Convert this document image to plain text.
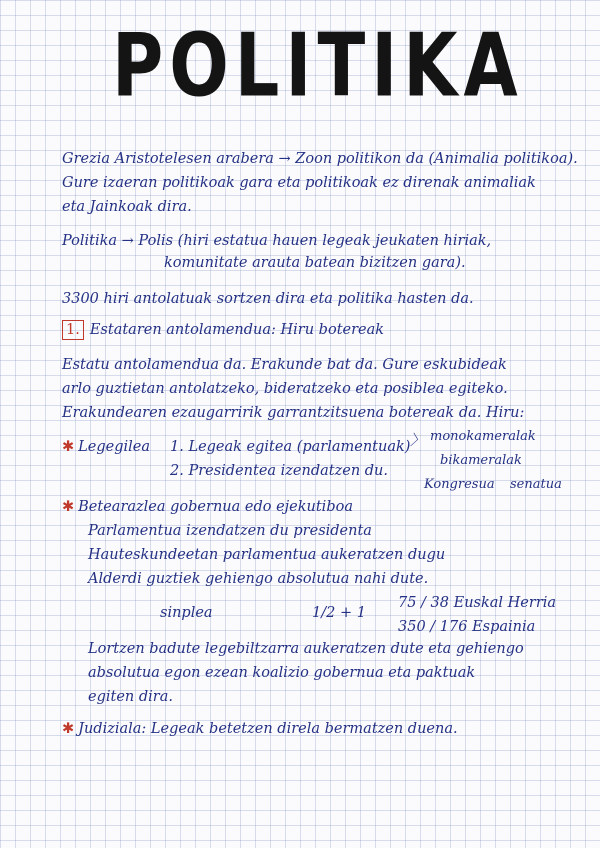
POLITIKA
Grezia Aristotelesen arabera → Zoon politikon da (Animalia politikoa).
Gure izaeran politikoak gara eta politikoak ez direnak animaliak
eta Jainkoak dira.
Politika → Polis (hiri estatua hauen legeak jeukaten hiriak,
komunitate arauta batean bizitzen gara).
3300 hiri antolatuak sortzen dira eta politika hasten da.
1. Estataren antolamendua: Hiru botereak
Estatu antolamendua da. Erakunde bat da. Gure eskubideak
arlo guztietan antolatzeko, bideratzeko eta posiblea egiteko.
Erakundearen ezaugarririk garrantzitsuena botereak da. Hiru:
✱ Legegilea 1. Legeak egitea (parlamentuak)
2. Presidentea izendatzen du.
〉 monokameralak
bikameralak
Kongresua senatua
✱ Betearazlea gobernua edo ejekutiboa
Parlamentua izendatzen du presidenta
Hauteskundeetan parlamentua aukeratzen dugu
Alderdi guztiek gehiengo absolutua nahi dute.
sinplea	1/2 + 1
75 / 38 Euskal Herria
350 / 176 Espainia
Lortzen badute legebiltzarra aukeratzen dute eta gehiengo
absolutua egon ezean koalizio gobernua eta paktuak
egiten dira.
✱ Judiziala: Legeak betetzen direla bermatzen duena.
